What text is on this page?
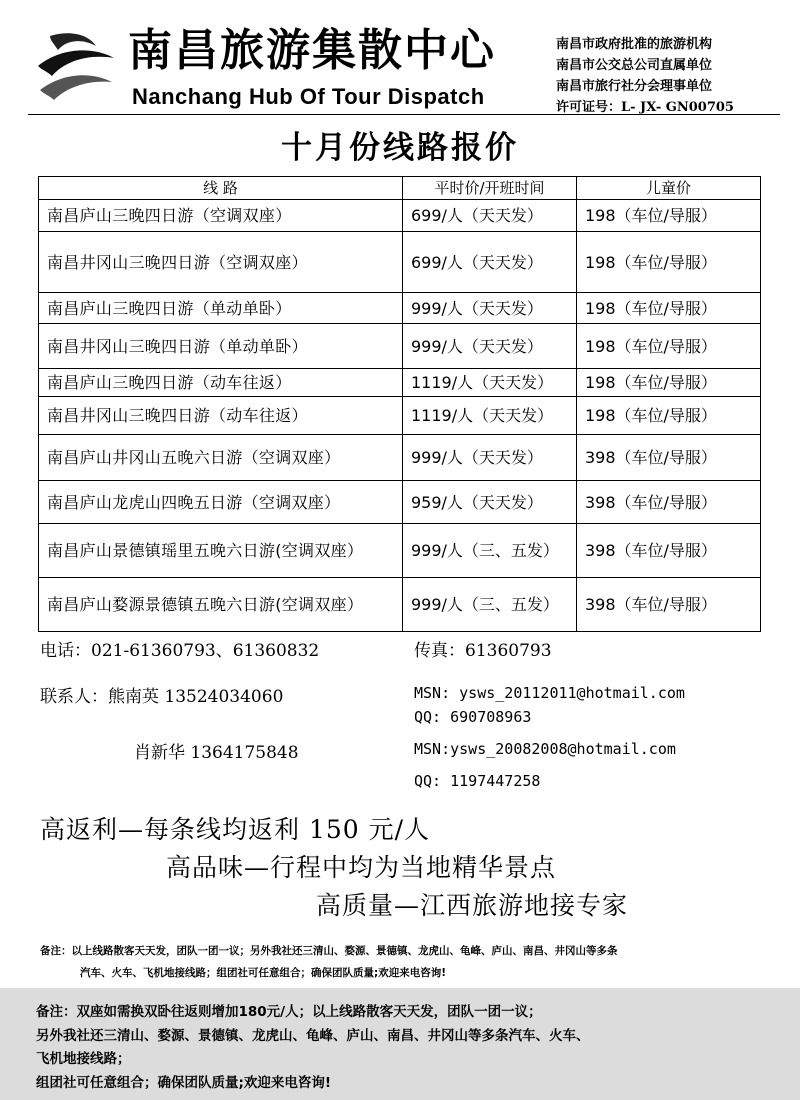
南昌旅游集散中心
Nanchang Hub Of Tour Dispatch
南昌市政府批准的旅游机构
南昌市公交总公司直属单位
南昌市旅行社分会理事单位
许可证号：L- JX- GN00705
十月份线路报价
线 路	平时价/开班时间	儿童价
南昌庐山三晚四日游（空调双座）	699/人（天天发）	198（车位/导服）
南昌井冈山三晚四日游（空调双座）	699/人（天天发）	198（车位/导服）
南昌庐山三晚四日游（单动单卧）	999/人（天天发）	198（车位/导服）
南昌井冈山三晚四日游（单动单卧）	999/人（天天发）	198（车位/导服）
南昌庐山三晚四日游（动车往返）	1119/人（天天发）	198（车位/导服）
南昌井冈山三晚四日游（动车往返）	1119/人（天天发）	198（车位/导服）
南昌庐山井冈山五晚六日游（空调双座）	999/人（天天发）	398（车位/导服）
南昌庐山龙虎山四晚五日游（空调双座）	959/人（天天发）	398（车位/导服）
南昌庐山景德镇瑶里五晚六日游(空调双座）	999/人（三、五发）	398（车位/导服）
南昌庐山婺源景德镇五晚六日游(空调双座）	999/人（三、五发）	398（车位/导服）
电话：021-61360793、61360832	传真：61360793
联系人：熊南英 13524034060	MSN: ysws_20112011@hotmail.com
QQ: 690708963
肖新华 1364175848	MSN:ysws_20082008@hotmail.com
QQ: 1197447258
高返利—每条线均返利 150 元/人
高品味—行程中均为当地精华景点
高质量—江西旅游地接专家
备注：以上线路散客天天发，团队一团一议；另外我社还三清山、婺源、景德镇、龙虎山、龟峰、庐山、南昌、井冈山等多条
汽车、火车、飞机地接线路；组团社可任意组合；确保团队质量;欢迎来电咨询!
备注：双座如需换双卧往返则增加180元/人；以上线路散客天天发，团队一团一议；
另外我社还三清山、婺源、景德镇、龙虎山、龟峰、庐山、南昌、井冈山等多条汽车、火车、
飞机地接线路；
组团社可任意组合；确保团队质量;欢迎来电咨询!
